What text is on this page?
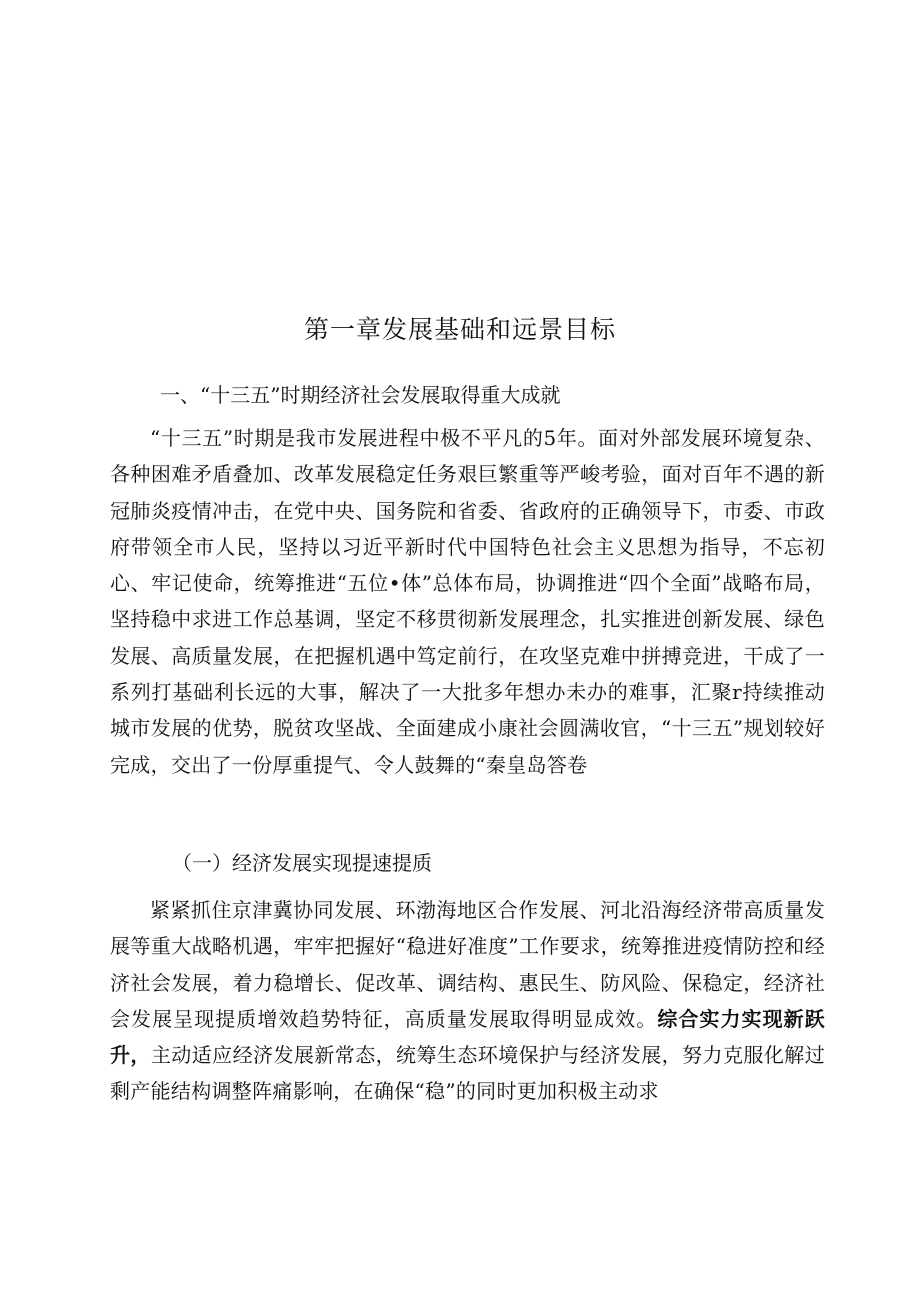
第一章发展基础和远景目标
一、“十三五”时期经济社会发展取得重大成就
“十三五”时期是我市发展进程中极不平凡的5年。面对外部发展环境复杂、各种困难矛盾叠加、改革发展稳定任务艰巨繁重等严峻考验，面对百年不遇的新冠肺炎疫情冲击，在党中央、国务院和省委、省政府的正确领导下，市委、市政府带领全市人民，坚持以习近平新时代中国特色社会主义思想为指导，不忘初心、牢记使命，统筹推进“五位•体”总体布局，协调推进“四个全面”战略布局，坚持稳中求进工作总基调，坚定不移贯彻新发展理念，扎实推进创新发展、绿色发展、高质量发展，在把握机遇中笃定前行，在攻坚克难中拼搏竞进，干成了一系列打基础利长远的大事，解决了一大批多年想办未办的难事，汇聚r持续推动城市发展的优势，脱贫攻坚战、全面建成小康社会圆满收官，“十三五”规划较好完成，交出了一份厚重提气、令人鼓舞的“秦皇岛答卷
（一）经济发展实现提速提质
紧紧抓住京津冀协同发展、环渤海地区合作发展、河北沿海经济带高质量发展等重大战略机遇，牢牢把握好“稳进好准度”工作要求，统筹推进疫情防控和经济社会发展，着力稳增长、促改革、调结构、惠民生、防风险、保稳定，经济社会发展呈现提质增效趋势特征，高质量发展取得明显成效。综合实力实现新跃升，主动适应经济发展新常态，统筹生态环境保护与经济发展，努力克服化解过剩产能结构调整阵痛影响，在确保“稳”的同时更加积极主动求
